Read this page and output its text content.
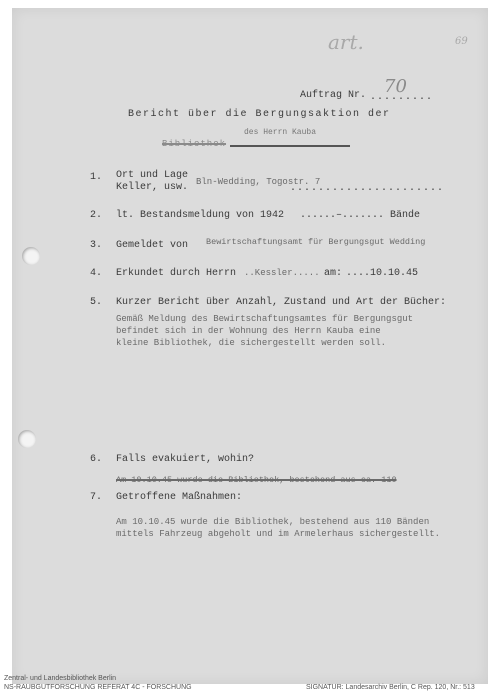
art.	69
Auftrag Nr. .........
70
Bericht über die Bergungsaktion der
des Herrn Kauba
Bibliothek
1. Ort und Lage
Keller, usw. Bln-Wedding, Togostr. 7
......................
2. lt. Bestandsmeldung von 1942 ......–....... Bände
3. Gemeldet von Bewirtschaftungsamt für Bergungsgut Wedding
4. Erkundet durch Herrn ..Kessler..... am: ....10.10.45
5. Kurzer Bericht über Anzahl, Zustand und Art der Bücher:
Gemäß Meldung des Bewirtschaftungsamtes für Bergungsgut
befindet sich in der Wohnung des Herrn Kauba eine
kleine Bibliothek, die sichergestellt werden soll.
6. Falls evakuiert, wohin?
Am 10.10.45 wurde die Bibliothek, bestehend aus ca. 110
7. Getroffene Maßnahmen:
Am 10.10.45 wurde die Bibliothek, bestehend aus 110 Bänden
mittels Fahrzeug abgeholt und im Armelerhaus sichergestellt.
Zentral- und Landesbibliothek Berlin
NS-RAUBGUTFORSCHUNG REFERAT 4C - FORSCHUNG	SIGNATUR: Landesarchiv Berlin, C Rep. 120, Nr.: 513
